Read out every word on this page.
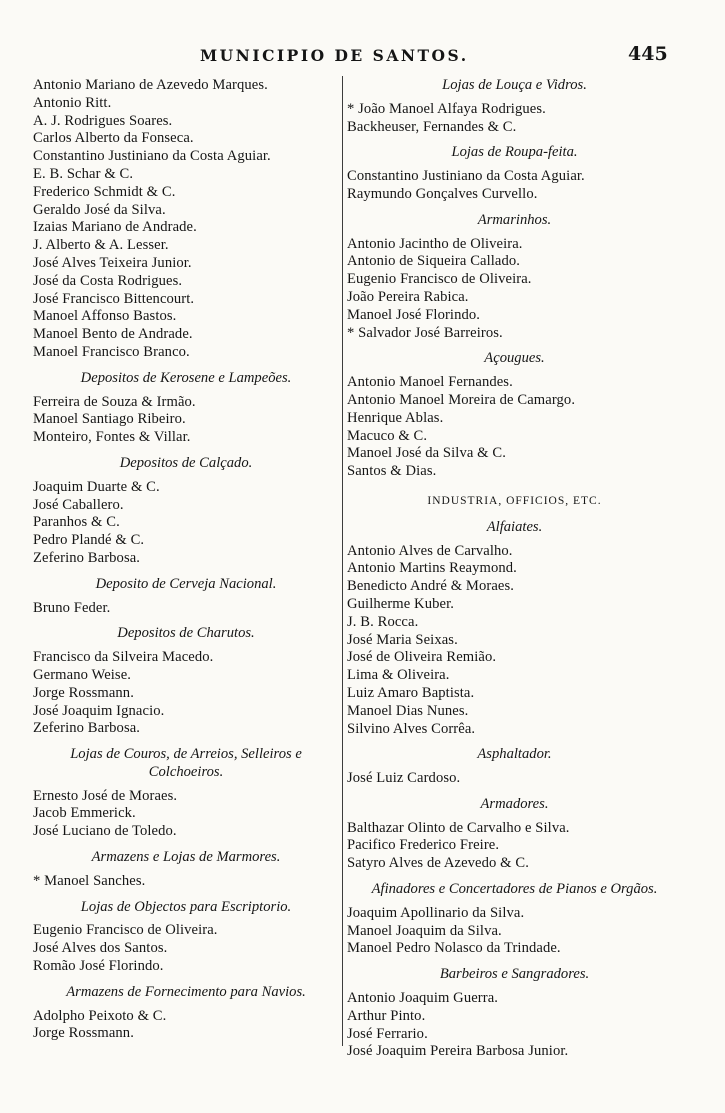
MUNICIPIO DE SANTOS.	445
Antonio Mariano de Azevedo Marques.
Antonio Ritt.
A. J. Rodrigues Soares.
Carlos Alberto da Fonseca.
Constantino Justiniano da Costa Aguiar.
E. B. Schar & C.
Frederico Schmidt & C.
Geraldo José da Silva.
Izaias Mariano de Andrade.
J. Alberto & A. Lesser.
José Alves Teixeira Junior.
José da Costa Rodrigues.
José Francisco Bittencourt.
Manoel Affonso Bastos.
Manoel Bento de Andrade.
Manoel Francisco Branco.
Depositos de Kerosene e Lampeões.
Ferreira de Souza & Irmão.
Manoel Santiago Ribeiro.
Monteiro, Fontes & Villar.
Depositos de Calçado.
Joaquim Duarte & C.
José Caballero.
Paranhos & C.
Pedro Plandé & C.
Zeferino Barbosa.
Deposito de Cerveja Nacional.
Bruno Feder.
Depositos de Charutos.
Francisco da Silveira Macedo.
Germano Weise.
Jorge Rossmann.
José Joaquim Ignacio.
Zeferino Barbosa.
Lojas de Couros, de Arreios, Selleiros e Colchoeiros.
Ernesto José de Moraes.
Jacob Emmerick.
José Luciano de Toledo.
Armazens e Lojas de Marmores.
* Manoel Sanches.
Lojas de Objectos para Escriptorio.
Eugenio Francisco de Oliveira.
José Alves dos Santos.
Romão José Florindo.
Armazens de Fornecimento para Navios.
Adolpho Peixoto & C.
Jorge Rossmann.
Lojas de Louça e Vidros.
* João Manoel Alfaya Rodrigues.
Backheuser, Fernandes & C.
Lojas de Roupa-feita.
Constantino Justiniano da Costa Aguiar.
Raymundo Gonçalves Curvello.
Armarinhos.
Antonio Jacintho de Oliveira.
Antonio de Siqueira Callado.
Eugenio Francisco de Oliveira.
João Pereira Rabica.
Manoel José Florindo.
* Salvador José Barreiros.
Açougues.
Antonio Manoel Fernandes.
Antonio Manoel Moreira de Camargo.
Henrique Ablas.
Macuco & C.
Manoel José da Silva & C.
Santos & Dias.
INDUSTRIA, OFFICIOS, ETC.
Alfaiates.
Antonio Alves de Carvalho.
Antonio Martins Reaymond.
Benedicto André & Moraes.
Guilherme Kuber.
J. B. Rocca.
José Maria Seixas.
José de Oliveira Remião.
Lima & Oliveira.
Luiz Amaro Baptista.
Manoel Dias Nunes.
Silvino Alves Corrêa.
Asphaltador.
José Luiz Cardoso.
Armadores.
Balthazar Olinto de Carvalho e Silva.
Pacifico Frederico Freire.
Satyro Alves de Azevedo & C.
Afinadores e Concertadores de Pianos e Orgãos.
Joaquim Apollinario da Silva.
Manoel Joaquim da Silva.
Manoel Pedro Nolasco da Trindade.
Barbeiros e Sangradores.
Antonio Joaquim Guerra.
Arthur Pinto.
José Ferrario.
José Joaquim Pereira Barbosa Junior.
